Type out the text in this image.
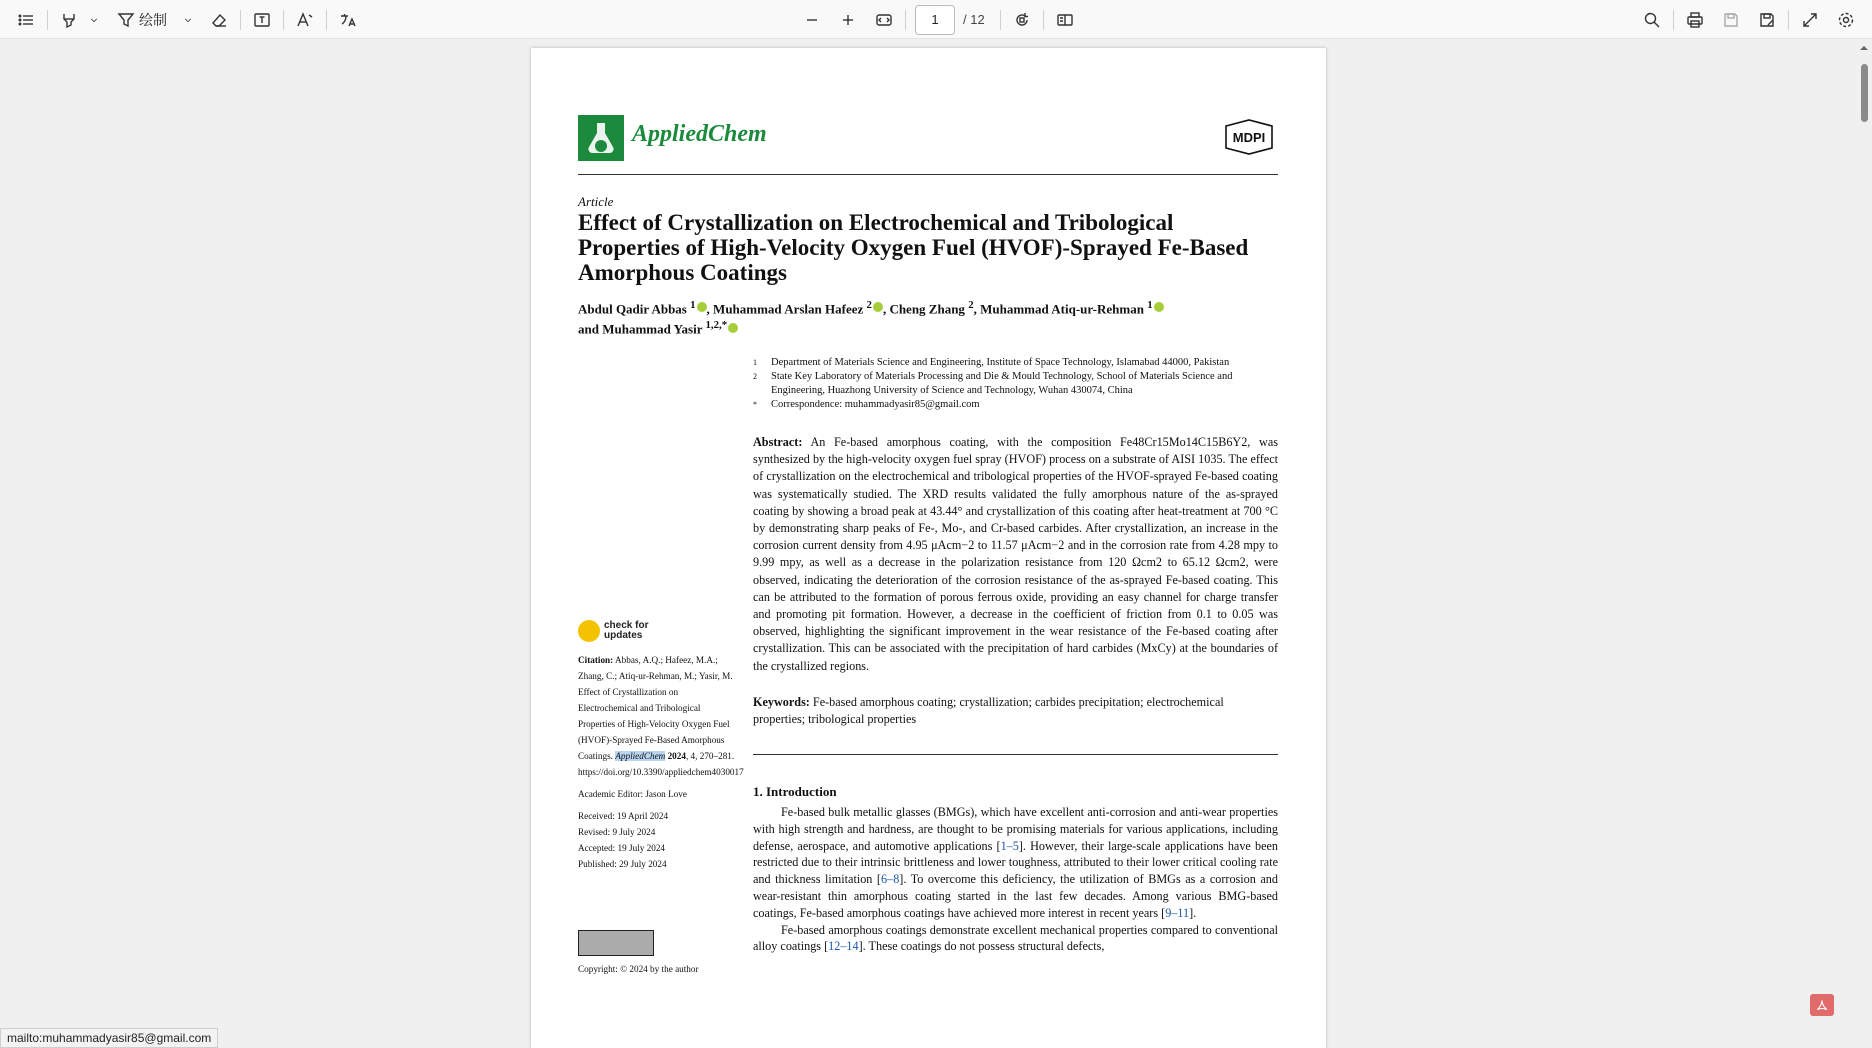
绘制	1	/ 12
AppliedChem	MDPI
Article
Effect of Crystallization on Electrochemical and Tribological Properties of High-Velocity Oxygen Fuel (HVOF)-Sprayed Fe-Based Amorphous Coatings
Abdul Qadir Abbas $^1$ , Muhammad Arslan Hafeez $^2$ , Cheng Zhang $^2$, Muhammad Atiq-ur-Rehman $^1$
and Muhammad Yasir $^{1,2,*}$
1	Department of Materials Science and Engineering, Institute of Space Technology, Islamabad 44000, Pakistan
2	State Key Laboratory of Materials Processing and Die & Mould Technology, School of Materials Science and Engineering, Huazhong University of Science and Technology, Wuhan 430074, China
*	Correspondence: muhammadyasir85@gmail.com
Abstract: An Fe-based amorphous coating, with the composition Fe48Cr15Mo14C15B6Y2, was synthesized by the high-velocity oxygen fuel spray (HVOF) process on a substrate of AISI 1035. The effect of crystallization on the electrochemical and tribological properties of the HVOF-sprayed Fe-based coating was systematically studied. The XRD results validated the fully amorphous nature of the as-sprayed coating by showing a broad peak at 43.44° and crystallization of this coating after heat-treatment at 700 °C by demonstrating sharp peaks of Fe-, Mo-, and Cr-based carbides. After crystallization, an increase in the corrosion current density from 4.95 μAcm−2 to 11.57 μAcm−2 and in the corrosion rate from 4.28 mpy to 9.99 mpy, as well as a decrease in the polarization resistance from 120 Ωcm2 to 65.12 Ωcm2, were observed, indicating the deterioration of the corrosion resistance of the as-sprayed Fe-based coating. This can be attributed to the formation of porous ferrous oxide, providing an easy channel for charge transfer and promoting pit formation. However, a decrease in the coefficient of friction from 0.1 to 0.05 was observed, highlighting the significant improvement in the wear resistance of the Fe-based coating after crystallization. This can be associated with the precipitation of hard carbides (MxCy) at the boundaries of the crystallized regions.
Keywords: Fe-based amorphous coating; crystallization; carbides precipitation; electrochemical properties; tribological properties
1. Introduction

Fe-based bulk metallic glasses (BMGs), which have excellent anti-corrosion and anti-wear properties with high strength and hardness, are thought to be promising materials for various applications, including defense, aerospace, and automotive applications [1–5]. However, their large-scale applications have been restricted due to their intrinsic brittleness and lower toughness, attributed to their lower critical cooling rate and thickness limitation [6–8]. To overcome this deficiency, the utilization of BMGs as a corrosion and wear-resistant thin amorphous coating started in the last few decades. Among various BMG-based coatings, Fe-based amorphous coatings have achieved more interest in recent years [9–11].

Fe-based amorphous coatings demonstrate excellent mechanical properties compared to conventional alloy coatings [12–14]. These coatings do not possess structural defects,

check for
updates
Citation: Abbas, A.Q.; Hafeez, M.A.; Zhang, C.; Atiq-ur-Rehman, M.; Yasir, M. Effect of Crystallization on Electrochemical and Tribological Properties of High-Velocity Oxygen Fuel (HVOF)-Sprayed Fe-Based Amorphous Coatings. AppliedChem 2024, 4, 270–281. https://doi.org/10.3390/appliedchem4030017
Academic Editor: Jason Love
Received: 19 April 2024
Revised: 9 July 2024
Accepted: 19 July 2024
Published: 29 July 2024
Copyright: © 2024 by the author
mailto:muhammadyasir85@gmail.com
